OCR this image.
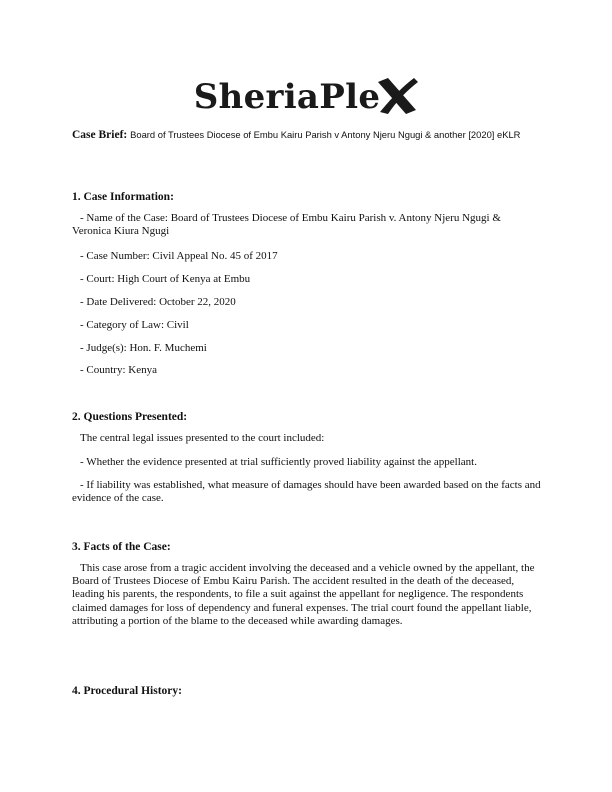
SheriaPle
Case Brief: Board of Trustees Diocese of Embu Kairu Parish v Antony Njeru Ngugi & another [2020] eKLR
1. Case Information:
- Name of the Case: Board of Trustees Diocese of Embu Kairu Parish v. Antony Njeru Ngugi & Veronica Kiura Ngugi
- Case Number: Civil Appeal No. 45 of 2017
- Court: High Court of Kenya at Embu
- Date Delivered: October 22, 2020
- Category of Law: Civil
- Judge(s): Hon. F. Muchemi
- Country: Kenya
2. Questions Presented:
The central legal issues presented to the court included:
- Whether the evidence presented at trial sufficiently proved liability against the appellant.
- If liability was established, what measure of damages should have been awarded based on the facts and evidence of the case.
3. Facts of the Case:
This case arose from a tragic accident involving the deceased and a vehicle owned by the appellant, the Board of Trustees Diocese of Embu Kairu Parish. The accident resulted in the death of the deceased, leading his parents, the respondents, to file a suit against the appellant for negligence. The respondents claimed damages for loss of dependency and funeral expenses. The trial court found the appellant liable, attributing a portion of the blame to the deceased while awarding damages.
4. Procedural History:
